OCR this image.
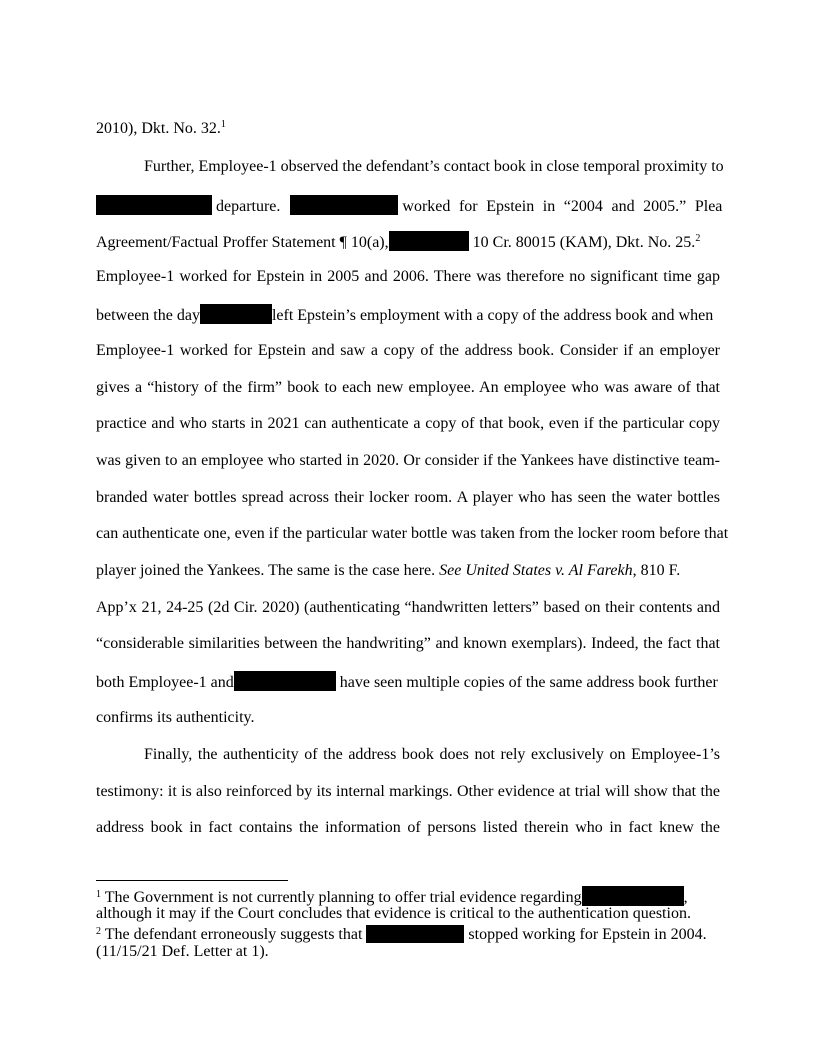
2010), Dkt. No. 32.$^1$
Further, Employee-1 observed the defendant’s contact book in close temporal proximity to
departure.	worked for Epstein in “2004 and 2005.” Plea
Agreement/Factual Proffer Statement ¶ 10(a),	10 Cr. 80015 (KAM), Dkt. No. 25.$^2$
Employee-1 worked for Epstein in 2005 and 2006. There was therefore no significant time gap
between the day	left Epstein’s employment with a copy of the address book and when
Employee-1 worked for Epstein and saw a copy of the address book. Consider if an employer
gives a “history of the firm” book to each new employee. An employee who was aware of that
practice and who starts in 2021 can authenticate a copy of that book, even if the particular copy
was given to an employee who started in 2020. Or consider if the Yankees have distinctive team-
branded water bottles spread across their locker room. A player who has seen the water bottles
can authenticate one, even if the particular water bottle was taken from the locker room before that
player joined the Yankees. The same is the case here. See United States v. Al Farekh, 810 F.
App’x 21, 24-25 (2d Cir. 2020) (authenticating “handwritten letters” based on their contents and
“considerable similarities between the handwriting” and known exemplars). Indeed, the fact that
both Employee-1 and	have seen multiple copies of the same address book further
confirms its authenticity.
Finally, the authenticity of the address book does not rely exclusively on Employee-1’s
testimony: it is also reinforced by its internal markings. Other evidence at trial will show that the
address book in fact contains the information of persons listed therein who in fact knew the
$^1$ The Government is not currently planning to offer trial evidence regarding	,
although it may if the Court concludes that evidence is critical to the authentication question.
$^2$ The defendant erroneously suggests that	stopped working for Epstein in 2004.
(11/15/21 Def. Letter at 1).
